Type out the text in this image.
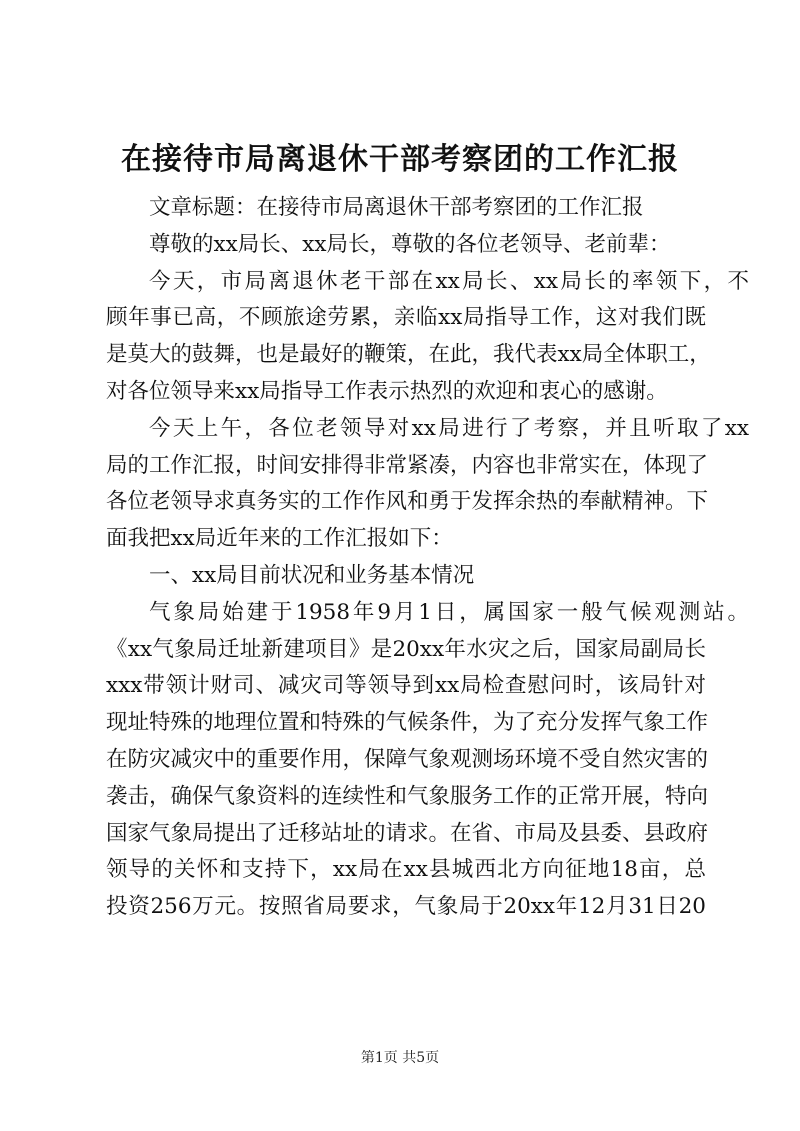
在接待市局离退休干部考察团的工作汇报
文章标题：在接待市局离退休干部考察团的工作汇报
尊敬的xx局长、xx局长，尊敬的各位老领导、老前辈：
今天，市局离退休老干部在xx局长、xx局长的率领下，不
顾年事已高，不顾旅途劳累，亲临xx局指导工作，这对我们既
是莫大的鼓舞，也是最好的鞭策，在此，我代表xx局全体职工，
对各位领导来xx局指导工作表示热烈的欢迎和衷心的感谢。
今天上午，各位老领导对xx局进行了考察，并且听取了xx
局的工作汇报，时间安排得非常紧凑，内容也非常实在，体现了
各位老领导求真务实的工作作风和勇于发挥余热的奉献精神。下
面我把xx局近年来的工作汇报如下：
一、xx局目前状况和业务基本情况
气象局始建于1958年9月1日，属国家一般气候观测站。
《xx气象局迁址新建项目》是20xx年水灾之后，国家局副局长
xxx带领计财司、减灾司等领导到xx局检查慰问时，该局针对
现址特殊的地理位置和特殊的气候条件，为了充分发挥气象工作
在防灾减灾中的重要作用，保障气象观测场环境不受自然灾害的
袭击，确保气象资料的连续性和气象服务工作的正常开展，特向
国家气象局提出了迁移站址的请求。在省、市局及县委、县政府
领导的关怀和支持下，xx局在xx县城西北方向征地18亩，总
投资256万元。按照省局要求，气象局于20xx年12月31日20
第1页 共5页
